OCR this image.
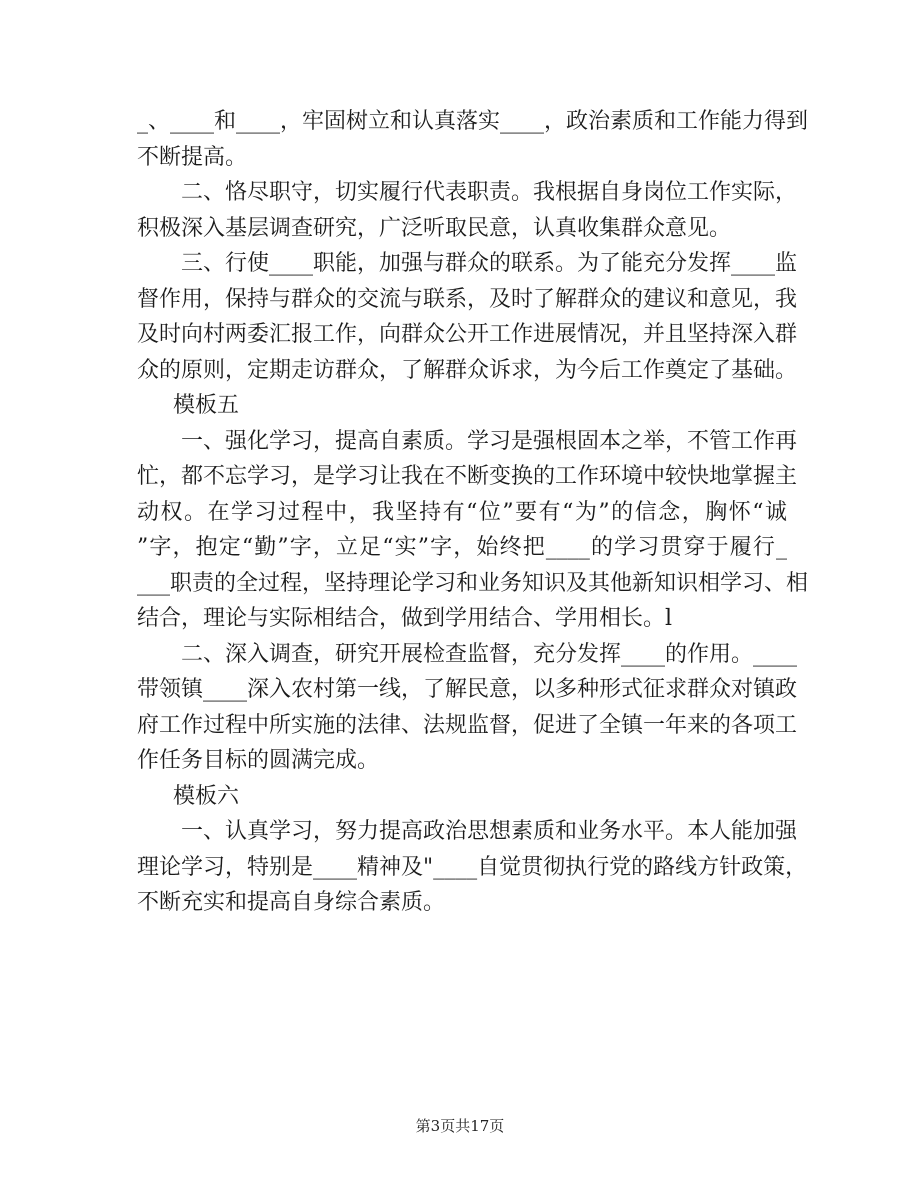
_、____和____，牢固树立和认真落实____，政治素质和工作能力得到
不断提高。
二、恪尽职守，切实履行代表职责。我根据自身岗位工作实际，
积极深入基层调查研究，广泛听取民意，认真收集群众意见。
三、行使____职能，加强与群众的联系。为了能充分发挥____监
督作用，保持与群众的交流与联系，及时了解群众的建议和意见，我
及时向村两委汇报工作，向群众公开工作进展情况，并且坚持深入群
众的原则，定期走访群众，了解群众诉求，为今后工作奠定了基础。
模板五
一、强化学习，提高自素质。学习是强根固本之举，不管工作再
忙，都不忘学习，是学习让我在不断变换的工作环境中较快地掌握主
动权。在学习过程中，我坚持有“位”要有“为”的信念，胸怀“诚
”字，抱定“勤”字，立足“实”字，始终把____的学习贯穿于履行_
___职责的全过程，坚持理论学习和业务知识及其他新知识相学习、相
结合，理论与实际相结合，做到学用结合、学用相长。l
二、深入调查，研究开展检查监督，充分发挥____的作用。____
带领镇____深入农村第一线，了解民意，以多种形式征求群众对镇政
府工作过程中所实施的法律、法规监督，促进了全镇一年来的各项工
作任务目标的圆满完成。
模板六
一、认真学习，努力提高政治思想素质和业务水平。本人能加强
理论学习，特别是____精神及"____自觉贯彻执行党的路线方针政策，
不断充实和提高自身综合素质。
第3页共17页
